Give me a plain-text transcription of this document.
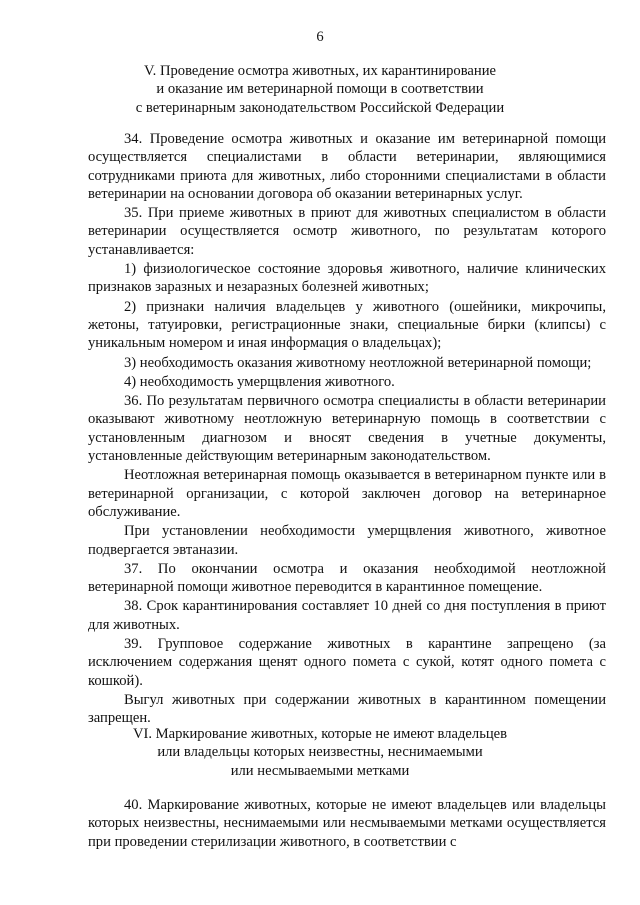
6
V. Проведение осмотра животных, их карантинирование
и оказание им ветеринарной помощи в соответствии
с ветеринарным законодательством Российской Федерации

34. Проведение осмотра животных и оказание им ветеринарной помощи осуществляется специалистами в области ветеринарии, являющимися сотрудниками приюта для животных, либо сторонними специалистами в области ветеринарии на основании договора об оказании ветеринарных услуг.

35. При приеме животных в приют для животных специалистом в области ветеринарии осуществляется осмотр животного, по результатам которого устанавливается:

1) физиологическое состояние здоровья животного, наличие клинических признаков заразных и незаразных болезней животных;

2) признаки наличия владельцев у животного (ошейники, микрочипы, жетоны, татуировки, регистрационные знаки, специальные бирки (клипсы) с уникальным номером и иная информация о владельцах);

3) необходимость оказания животному неотложной ветеринарной помощи;

4) необходимость умерщвления животного.

36. По результатам первичного осмотра специалисты в области ветеринарии оказывают животному неотложную ветеринарную помощь в соответствии с установленным диагнозом и вносят сведения в учетные документы, установленные действующим ветеринарным законодательством.

Неотложная ветеринарная помощь оказывается в ветеринарном пункте или в ветеринарной организации, с которой заключен договор на ветеринарное обслуживание.

При установлении необходимости умерщвления животного, животное подвергается эвтаназии.

37. По окончании осмотра и оказания необходимой неотложной ветеринарной помощи животное переводится в карантинное помещение.

38. Срок карантинирования составляет 10 дней со дня поступления в приют для животных.

39. Групповое содержание животных в карантине запрещено (за исключением содержания щенят одного помета с сукой, котят одного помета с кошкой).

Выгул животных при содержании животных в карантинном помещении запрещен.

VI. Маркирование животных, которые не имеют владельцев
или владельцы которых неизвестны, неснимаемыми
или несмываемыми метками

40. Маркирование животных, которые не имеют владельцев или владельцы которых неизвестны, неснимаемыми или несмываемыми метками осуществляется при проведении стерилизации животного, в соответствии с
